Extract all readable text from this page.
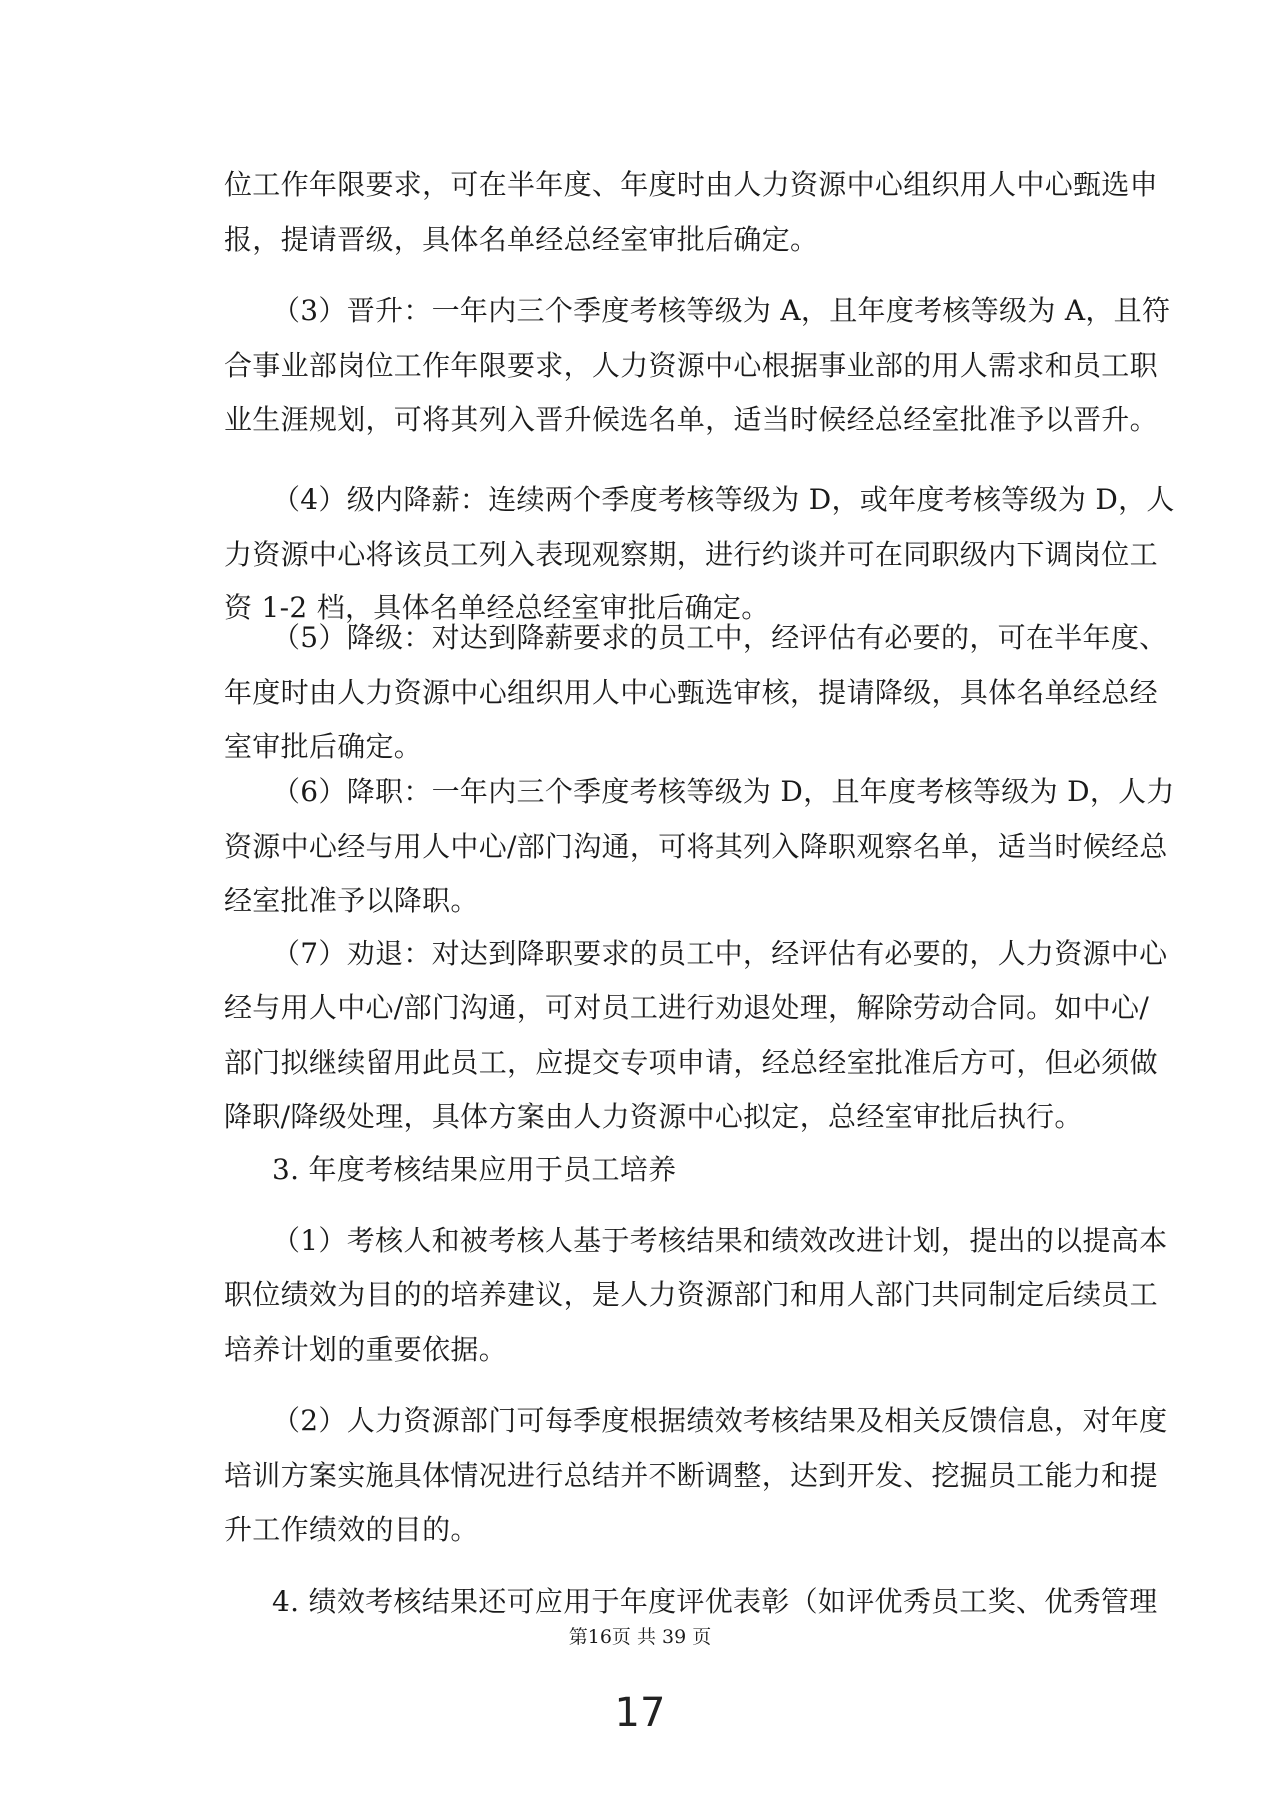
位工作年限要求，可在半年度、年度时由人力资源中心组织用人中心甄选申
报，提请晋级，具体名单经总经室审批后确定。
（3）晋升：一年内三个季度考核等级为 A，且年度考核等级为 A，且符
合事业部岗位工作年限要求，人力资源中心根据事业部的用人需求和员工职
业生涯规划，可将其列入晋升候选名单，适当时候经总经室批准予以晋升。
（4）级内降薪：连续两个季度考核等级为 D，或年度考核等级为 D，人
力资源中心将该员工列入表现观察期，进行约谈并可在同职级内下调岗位工
资 1-2 档，具体名单经总经室审批后确定。
（5）降级：对达到降薪要求的员工中，经评估有必要的，可在半年度、
年度时由人力资源中心组织用人中心甄选审核，提请降级，具体名单经总经
室审批后确定。
（6）降职：一年内三个季度考核等级为 D，且年度考核等级为 D，人力
资源中心经与用人中心/部门沟通，可将其列入降职观察名单，适当时候经总
经室批准予以降职。
（7）劝退：对达到降职要求的员工中，经评估有必要的，人力资源中心
经与用人中心/部门沟通，可对员工进行劝退处理，解除劳动合同。如中心/
部门拟继续留用此员工，应提交专项申请，经总经室批准后方可，但必须做
降职/降级处理，具体方案由人力资源中心拟定，总经室审批后执行。
3. 年度考核结果应用于员工培养
（1）考核人和被考核人基于考核结果和绩效改进计划，提出的以提高本
职位绩效为目的的培养建议，是人力资源部门和用人部门共同制定后续员工
培养计划的重要依据。
（2）人力资源部门可每季度根据绩效考核结果及相关反馈信息，对年度
培训方案实施具体情况进行总结并不断调整，达到开发、挖掘员工能力和提
升工作绩效的目的。
4. 绩效考核结果还可应用于年度评优表彰（如评优秀员工奖、优秀管理
第16页 共 39 页
17
